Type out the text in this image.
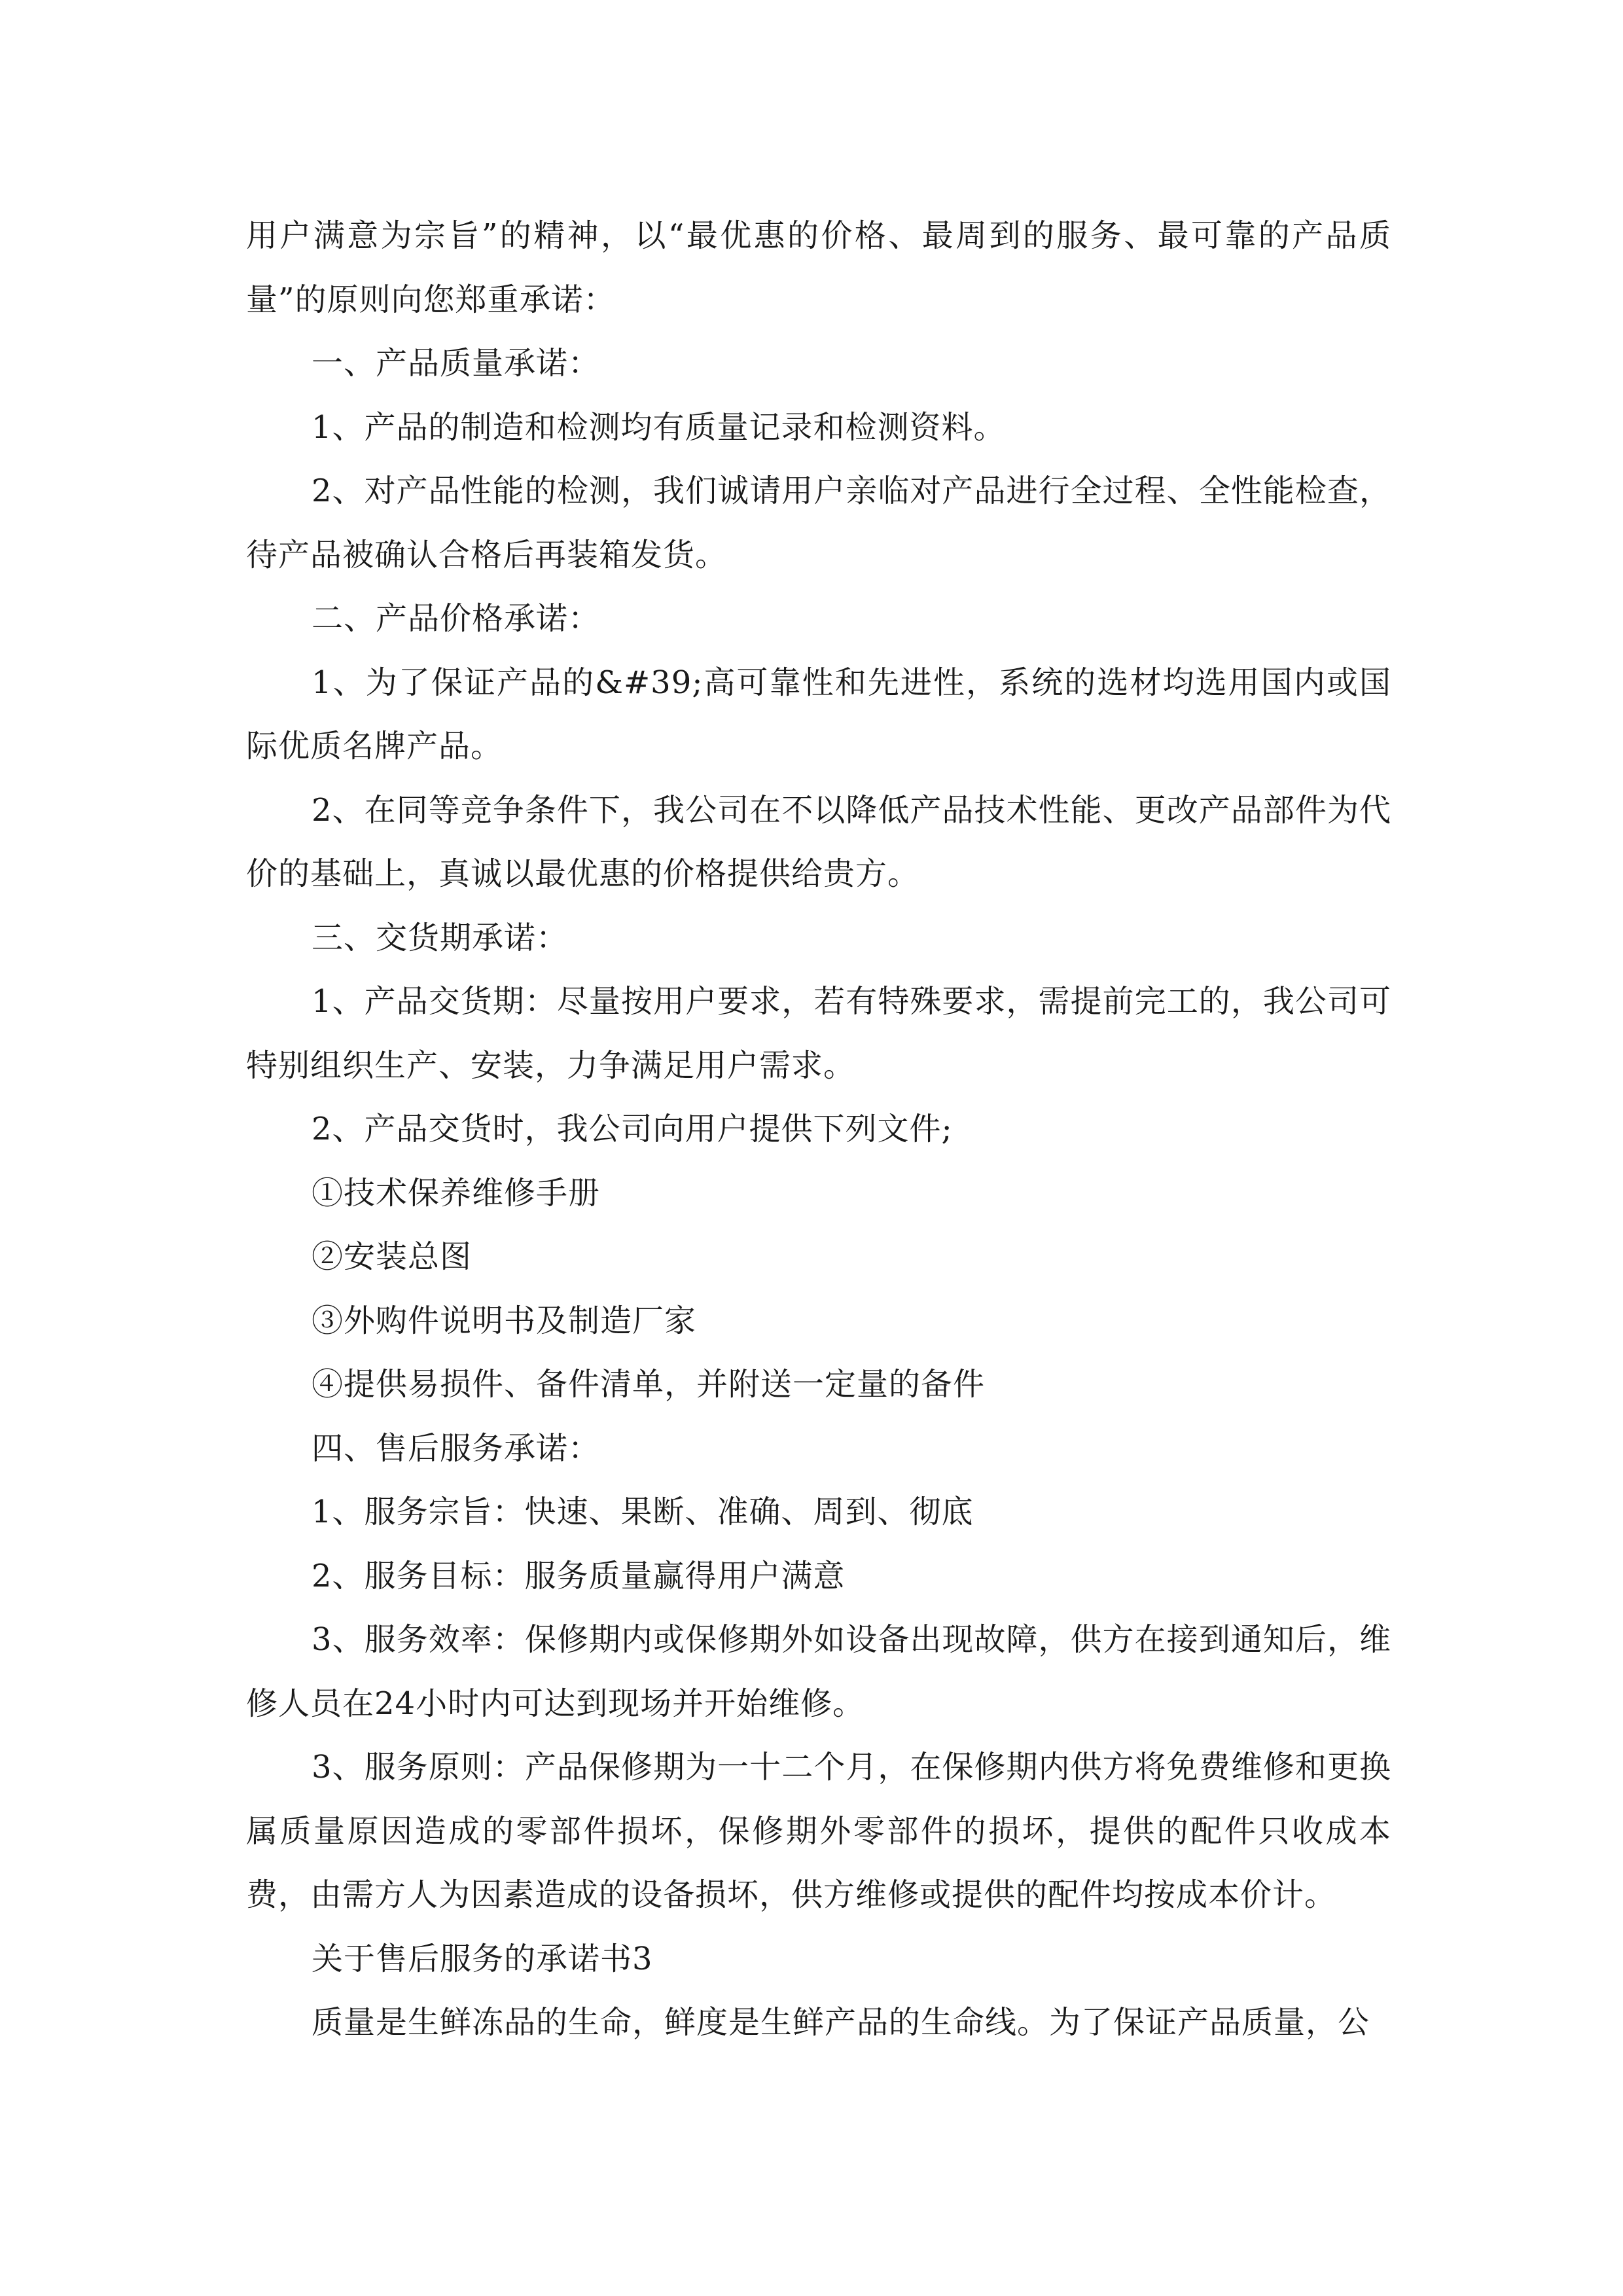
用户满意为宗旨”的精神，以“最优惠的价格、最周到的服务、最可靠的产品质量”的原则向您郑重承诺：

一、产品质量承诺：

1、产品的制造和检测均有质量记录和检测资料。

2、对产品性能的检测，我们诚请用户亲临对产品进行全过程、全性能检查，待产品被确认合格后再装箱发货。

二、产品价格承诺：

1、为了保证产品的&#39;高可靠性和先进性，系统的选材均选用国内或国际优质名牌产品。

2、在同等竞争条件下，我公司在不以降低产品技术性能、更改产品部件为代价的基础上，真诚以最优惠的价格提供给贵方。

三、交货期承诺：

1、产品交货期：尽量按用户要求，若有特殊要求，需提前完工的，我公司可特别组织生产、安装，力争满足用户需求。

2、产品交货时，我公司向用户提供下列文件;

①技术保养维修手册

②安装总图

③外购件说明书及制造厂家

④提供易损件、备件清单，并附送一定量的备件

四、售后服务承诺：

1、服务宗旨：快速、果断、准确、周到、彻底

2、服务目标：服务质量赢得用户满意

3、服务效率：保修期内或保修期外如设备出现故障，供方在接到通知后，维修人员在24小时内可达到现场并开始维修。

3、服务原则：产品保修期为一十二个月，在保修期内供方将免费维修和更换属质量原因造成的零部件损坏，保修期外零部件的损坏，提供的配件只收成本费，由需方人为因素造成的设备损坏，供方维修或提供的配件均按成本价计。

关于售后服务的承诺书3

质量是生鲜冻品的生命，鲜度是生鲜产品的生命线。为了保证产品质量，公
